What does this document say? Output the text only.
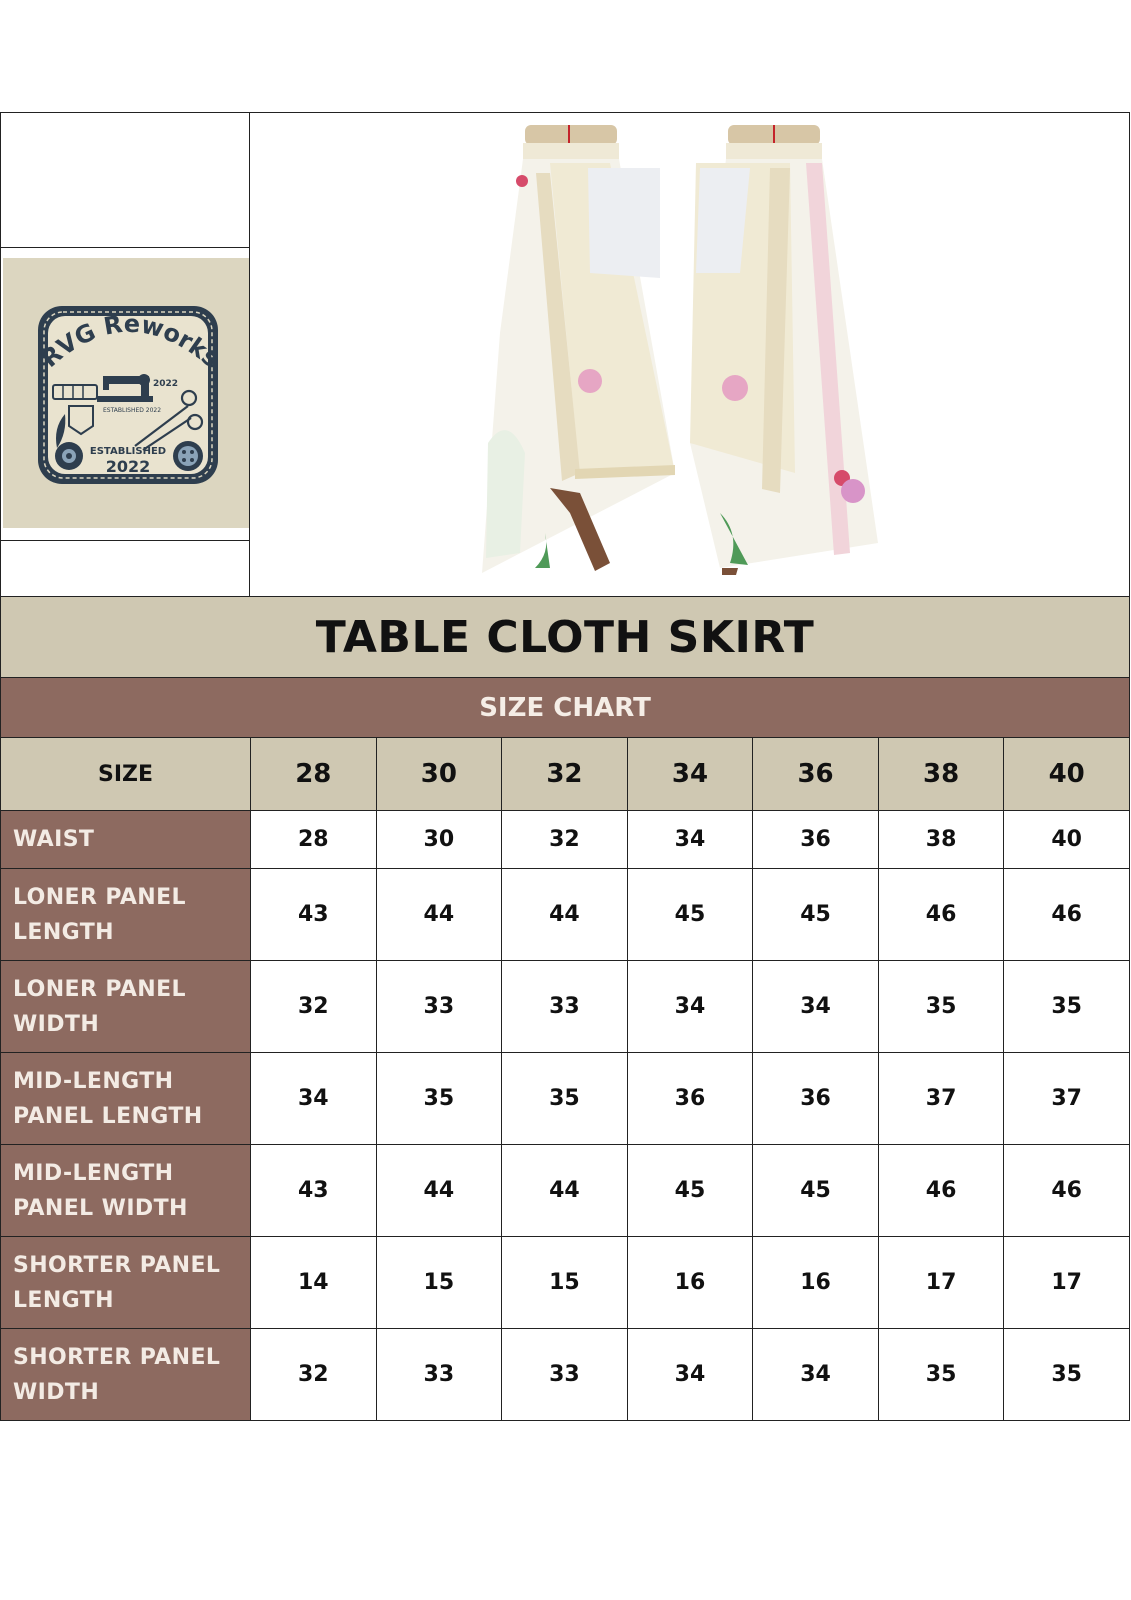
RVG Reworks
2022
ESTABLISHED 2022
ESTABLISHED
2022
TABLE CLOTH SKIRT
SIZE CHART
SIZE	28	30	32	34	36	38	40

WAIST	28	30	32	34	36	38	40

LONER PANEL
LENGTH	43	44	44	45	45	46	46

LONER PANEL
WIDTH	32	33	33	34	34	35	35

MID-LENGTH
PANEL LENGTH	34	35	35	36	36	37	37

MID-LENGTH
PANEL WIDTH	43	44	44	45	45	46	46

SHORTER PANEL
LENGTH	14	15	15	16	16	17	17

SHORTER PANEL
WIDTH	32	33	33	34	34	35	35
